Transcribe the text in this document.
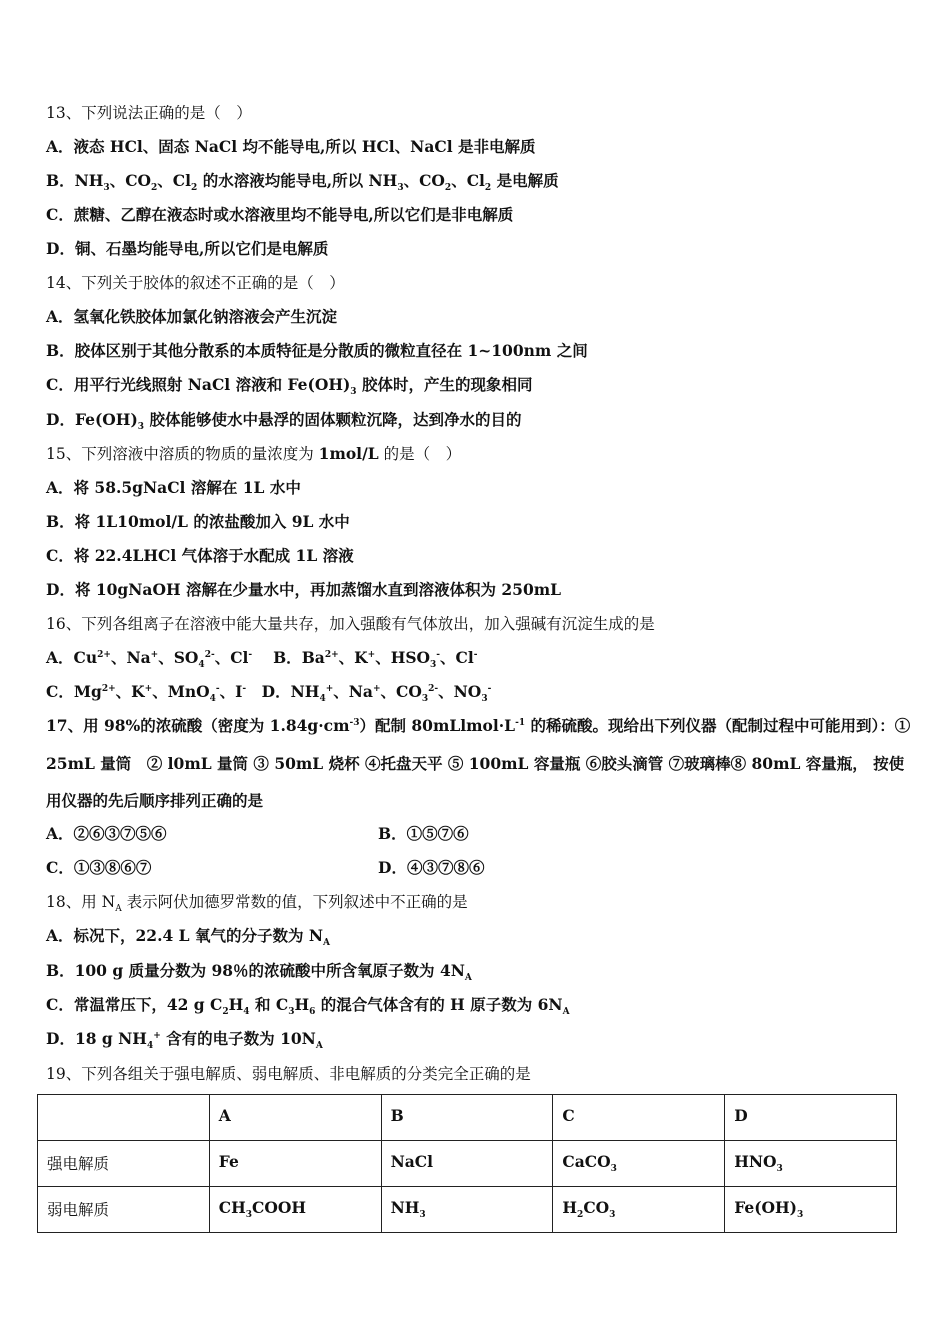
13、下列说法正确的是（　）
A．液态 HCl、固态 NaCl 均不能导电,所以 HCl、NaCl 是非电解质
B．$NH_3$、$CO_2$、$Cl_2$ 的水溶液均能导电,所以 $NH_3$、$CO_2$、$Cl_2$ 是电解质
C．蔗糖、乙醇在液态时或水溶液里均不能导电,所以它们是非电解质
D．铜、石墨均能导电,所以它们是电解质
14、下列关于胶体的叙述不正确的是（　）
A．氢氧化铁胶体加氯化钠溶液会产生沉淀
B．胶体区别于其他分散系的本质特征是分散质的微粒直径在 1~100nm 之间
C．用平行光线照射 NaCl 溶液和 $Fe(OH)_3$ 胶体时，产生的现象相同
D．$Fe(OH)_3$ 胶体能够使水中悬浮的固体颗粒沉降，达到净水的目的
15、下列溶液中溶质的物质的量浓度为 1mol/L 的是（　）
A．将 58.5gNaCl 溶解在 1L 水中
B．将 1L10mol/L 的浓盐酸加入 9L 水中
C．将 22.4LHCl 气体溶于水配成 1L 溶液
D．将 10gNaOH 溶解在少量水中，再加蒸馏水直到溶液体积为 250mL
16、下列各组离子在溶液中能大量共存，加入强酸有气体放出，加入强碱有沉淀生成的是
A．$Cu^{2+}$、Na+、$SO_4^{2-}$、Cl-　 B．$Ba^{2+}$、K+、$HSO_3^-$、Cl-
C．$Mg^{2+}$、K+、MnO$_4$-、I-　 D．$NH_4^+$、Na+、$CO_3^{2-}$、$NO_3^-$
17、用 98%的浓硫酸（密度为 $1.84g\cdot cm^{-3}$）配制 $80mLlmol\cdot L^{-1}$ 的稀硫酸。现给出下列仪器（配制过程中可能用到）：①
25mL 量筒　② l0mL 量筒 ③ 50mL 烧杯 ④托盘天平 ⑤ 100mL 容量瓶 ⑥胶头滴管 ⑦玻璃棒⑧ 80mL 容量瓶， 按使
用仪器的先后顺序排列正确的是
A．②⑥③⑦⑤⑥	B．①⑤⑦⑥
C．①③⑧⑥⑦	D．④③⑦⑧⑥
18、用 $N_A$ 表示阿伏加德罗常数的值，下列叙述中不正确的是
A．标况下，22.4 L 氧气的分子数为 $N_A$
B．100 g 质量分数为 98％的浓硫酸中所含氧原子数为 $4N_A$
C．常温常压下，42 g $C_2H_4$ 和 $C_3H_6$ 的混合气体含有的 H 原子数为 $6N_A$
D．18 g $NH_4^+$ 含有的电子数为 $10N_A$
19、下列各组关于强电解质、弱电解质、非电解质的分类完全正确的是
	A	B	C	D
强电解质	Fe	NaCl	CaCO$_3$	$HNO_3$
弱电解质	$CH_3COOH$	$NH_3$	$H_2CO_3$	$Fe(OH)_3$
